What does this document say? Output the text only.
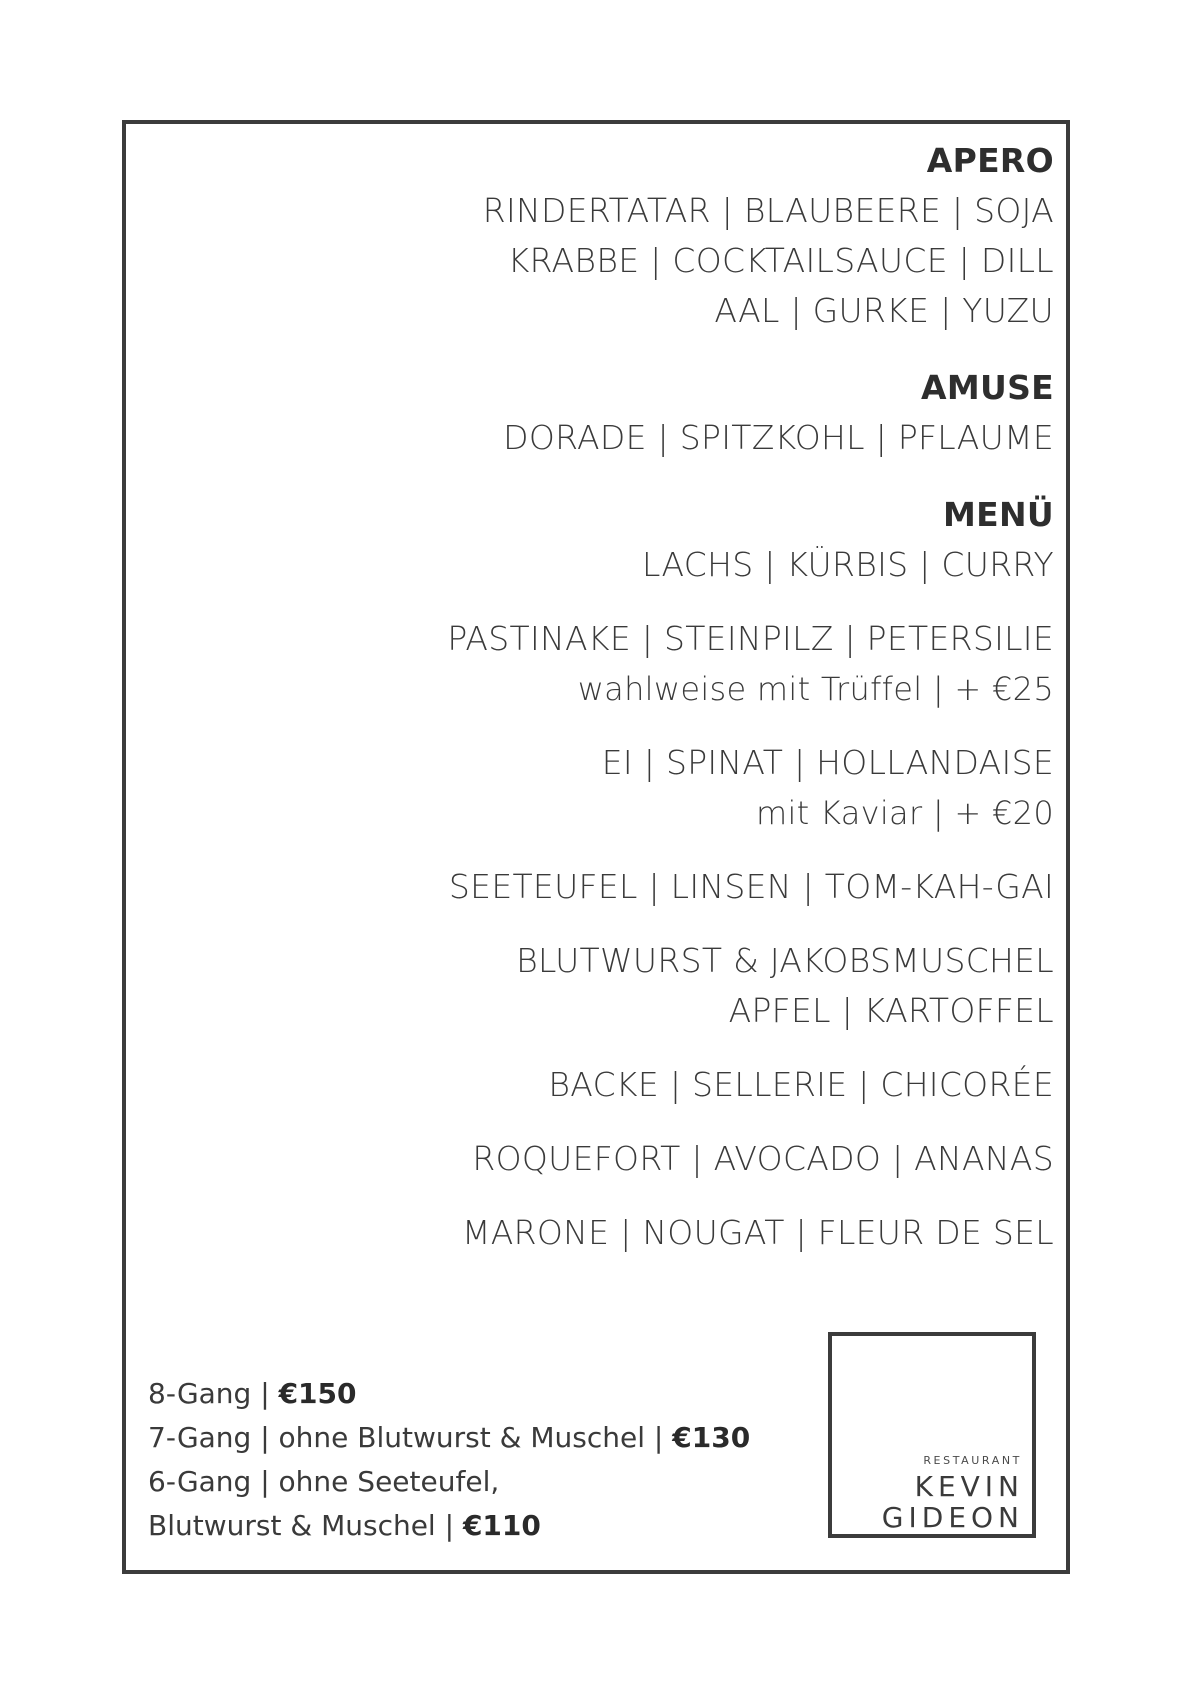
APERO
RINDERTATAR | BLAUBEERE | SOJA
KRABBE | COCKTAILSAUCE | DILL
AAL | GURKE | YUZU
AMUSE
DORADE | SPITZKOHL | PFLAUME
MENÜ
LACHS | KÜRBIS | CURRY
PASTINAKE | STEINPILZ | PETERSILIE
wahlweise mit Trüffel | + €25
EI | SPINAT | HOLLANDAISE
mit Kaviar | + €20
SEETEUFEL | LINSEN | TOM-KAH-GAI
BLUTWURST & JAKOBSMUSCHEL
APFEL | KARTOFFEL
BACKE | SELLERIE | CHICORÉE
ROQUEFORT | AVOCADO | ANANAS
MARONE | NOUGAT | FLEUR DE SEL
8-Gang | €150
7-Gang | ohne Blutwurst & Muschel | €130
6-Gang | ohne Seeteufel,
Blutwurst & Muschel | €110
RESTAURANT
KEVIN
GIDEON
